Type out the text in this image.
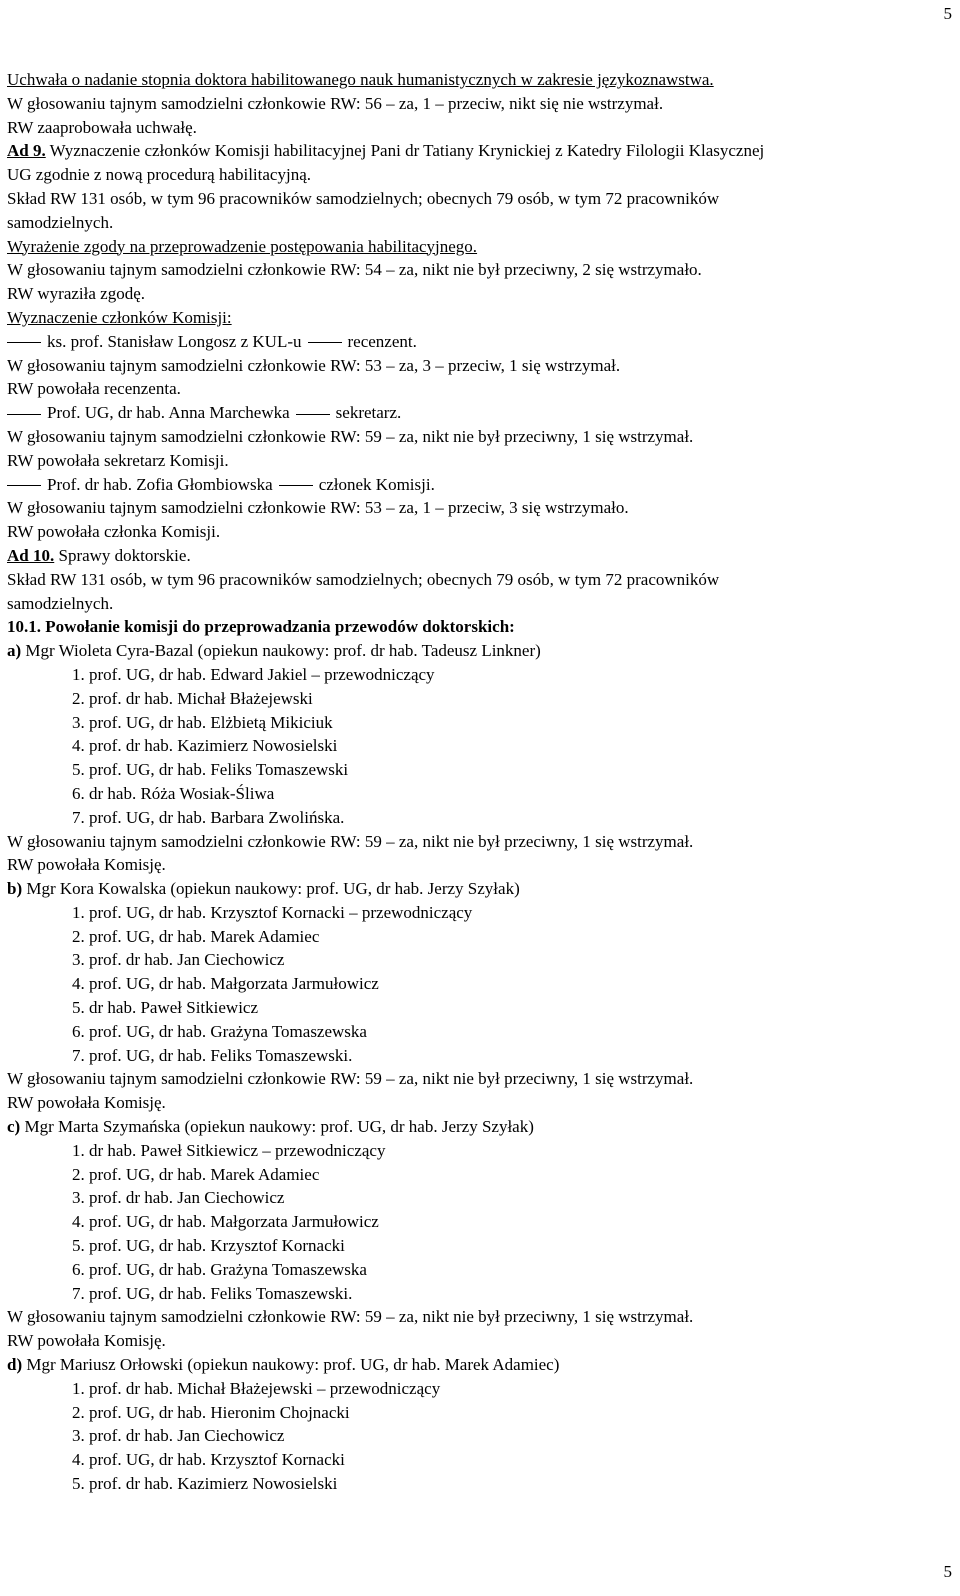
5
Uchwała o nadanie stopnia doktora habilitowanego nauk humanistycznych w zakresie językoznawstwa.
W głosowaniu tajnym samodzielni członkowie RW: 56 – za, 1 – przeciw, nikt się nie wstrzymał.
RW zaaprobowała uchwałę.
Ad 9. Wyznaczenie członków Komisji habilitacyjnej Pani dr Tatiany Krynickiej z Katedry Filologii Klasycznej
UG zgodnie z nową procedurą habilitacyjną.
Skład RW 131 osób, w tym 96 pracowników samodzielnych; obecnych 79 osób, w tym 72 pracowników
samodzielnych.
Wyrażenie zgody na przeprowadzenie postępowania habilitacyjnego.
W głosowaniu tajnym samodzielni członkowie RW: 54 – za, nikt nie był przeciwny, 2 się wstrzymało.
RW wyraziła zgodę.
Wyznaczenie członków Komisji:
ks. prof. Stanisław Longosz z KUL-u	recenzent.
W głosowaniu tajnym samodzielni członkowie RW: 53 – za, 3 – przeciw, 1 się wstrzymał.
RW powołała recenzenta.
Prof. UG, dr hab. Anna Marchewka	sekretarz.
W głosowaniu tajnym samodzielni członkowie RW: 59 – za, nikt nie był przeciwny, 1 się wstrzymał.
RW powołała sekretarz Komisji.
Prof. dr hab. Zofia Głombiowska	członek Komisji.
W głosowaniu tajnym samodzielni członkowie RW: 53 – za, 1 – przeciw, 3 się wstrzymało.
RW powołała członka Komisji.
Ad 10. Sprawy doktorskie.
Skład RW 131 osób, w tym 96 pracowników samodzielnych; obecnych 79 osób, w tym 72 pracowników
samodzielnych.
10.1. Powołanie komisji do przeprowadzania przewodów doktorskich:
a) Mgr Wioleta Cyra-Bazal (opiekun naukowy: prof. dr hab. Tadeusz Linkner)
1. prof. UG, dr hab. Edward Jakiel – przewodniczący
2. prof. dr hab. Michał Błażejewski
3. prof. UG, dr hab. Elżbietą Mikiciuk
4. prof. dr hab. Kazimierz Nowosielski
5. prof. UG, dr hab. Feliks Tomaszewski
6. dr hab. Róża Wosiak-Śliwa
7. prof. UG, dr hab. Barbara Zwolińska.
W głosowaniu tajnym samodzielni członkowie RW: 59 – za, nikt nie był przeciwny, 1 się wstrzymał.
RW powołała Komisję.
b) Mgr Kora Kowalska (opiekun naukowy: prof. UG, dr hab. Jerzy Szyłak)
1. prof. UG, dr hab. Krzysztof Kornacki – przewodniczący
2. prof. UG, dr hab. Marek Adamiec
3. prof. dr hab. Jan Ciechowicz
4. prof. UG, dr hab. Małgorzata Jarmułowicz
5. dr hab. Paweł Sitkiewicz
6. prof. UG, dr hab. Grażyna Tomaszewska
7. prof. UG, dr hab. Feliks Tomaszewski.
W głosowaniu tajnym samodzielni członkowie RW: 59 – za, nikt nie był przeciwny, 1 się wstrzymał.
RW powołała Komisję.
c) Mgr Marta Szymańska (opiekun naukowy: prof. UG, dr hab. Jerzy Szyłak)
1. dr hab. Paweł Sitkiewicz – przewodniczący
2. prof. UG, dr hab. Marek Adamiec
3. prof. dr hab. Jan Ciechowicz
4. prof. UG, dr hab. Małgorzata Jarmułowicz
5. prof. UG, dr hab. Krzysztof Kornacki
6. prof. UG, dr hab. Grażyna Tomaszewska
7. prof. UG, dr hab. Feliks Tomaszewski.
W głosowaniu tajnym samodzielni członkowie RW: 59 – za, nikt nie był przeciwny, 1 się wstrzymał.
RW powołała Komisję.
d) Mgr Mariusz Orłowski (opiekun naukowy: prof. UG, dr hab. Marek Adamiec)
1. prof. dr hab. Michał Błażejewski – przewodniczący
2. prof. UG, dr hab. Hieronim Chojnacki
3. prof. dr hab. Jan Ciechowicz
4. prof. UG, dr hab. Krzysztof Kornacki
5. prof. dr hab. Kazimierz Nowosielski
5
